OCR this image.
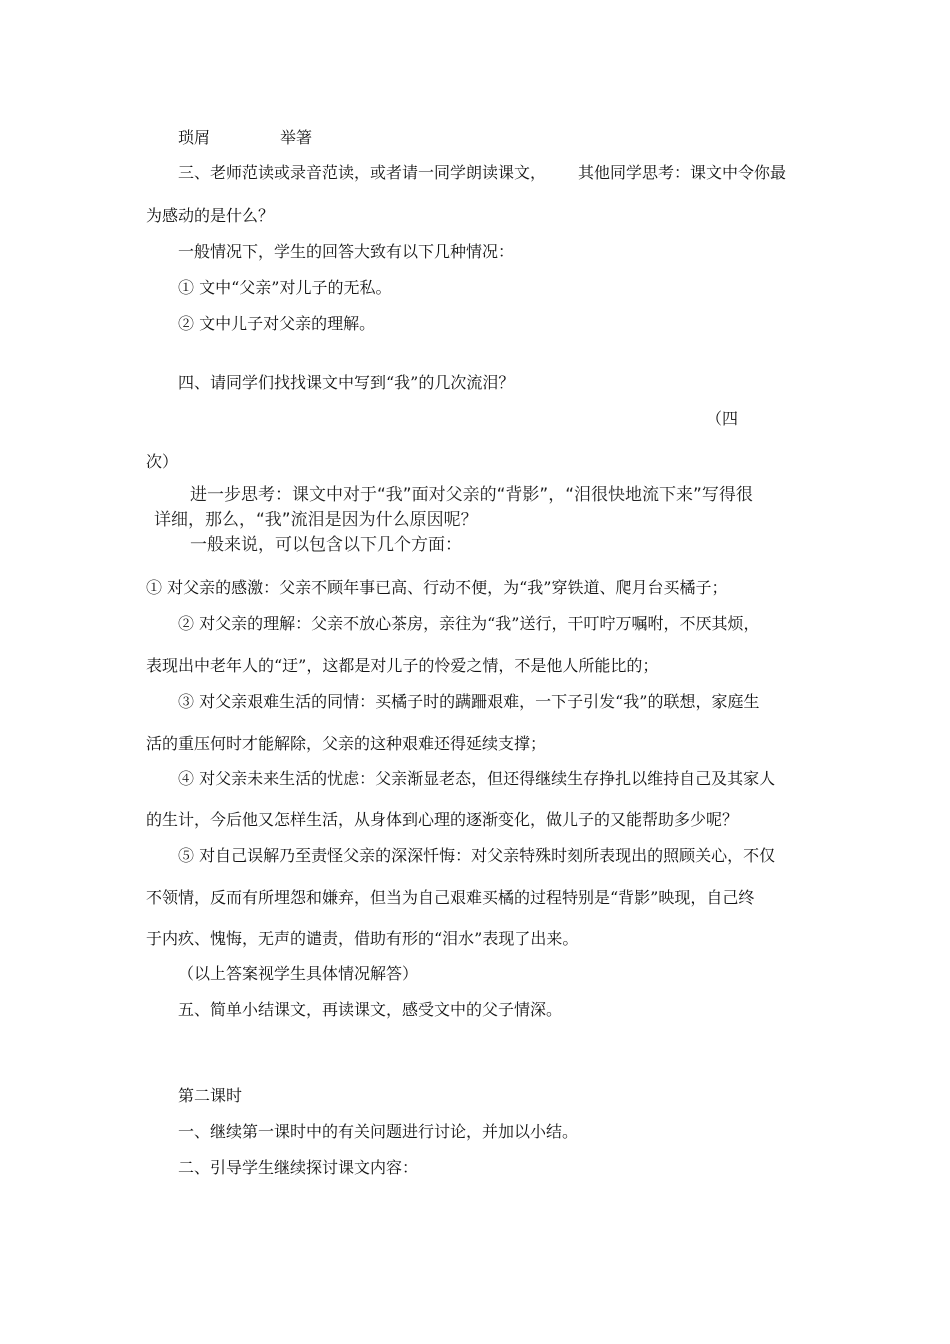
琐屑	举箸
三、老师范读或录音范读，或者请一同学朗读课文， 其他同学思考：课文中令你最
为感动的是什么？
一般情况下，学生的回答大致有以下几种情况：
① 文中“父亲”对儿子的无私。
② 文中儿子对父亲的理解。
四、请同学们找找课文中写到“我”的几次流泪？
（四
次）
进一步思考：课文中对于“我”面对父亲的“背影”，“泪很快地流下来”写得很
详细，那么，“我”流泪是因为什么原因呢？
一般来说，可以包含以下几个方面：
① 对父亲的感激：父亲不顾年事已高、行动不便，为“我”穿铁道、爬月台买橘子；
② 对父亲的理解：父亲不放心茶房，亲往为“我”送行，干叮咛万嘱咐，不厌其烦，
表现出中老年人的“迂”，这都是对儿子的怜爱之情，不是他人所能比的；
③ 对父亲艰难生活的同情：买橘子时的蹒跚艰难，一下子引发“我”的联想，家庭生
活的重压何时才能解除，父亲的这种艰难还得延续支撑；
④ 对父亲未来生活的忧虑：父亲渐显老态，但还得继续生存挣扎以维持自己及其家人
的生计，今后他又怎样生活，从身体到心理的逐渐变化，做儿子的又能帮助多少呢？
⑤ 对自己误解乃至责怪父亲的深深忏悔：对父亲特殊时刻所表现出的照顾关心，不仅
不领情，反而有所埋怨和嫌弃，但当为自己艰难买橘的过程特别是“背影”映现，自己终
于内疚、愧悔，无声的谴责，借助有形的“泪水”表现了出来。
（以上答案视学生具体情况解答）
五、简单小结课文，再读课文，感受文中的父子情深。
第二课时
一、继续第一课时中的有关问题进行讨论，并加以小结。
二、引导学生继续探讨课文内容：
